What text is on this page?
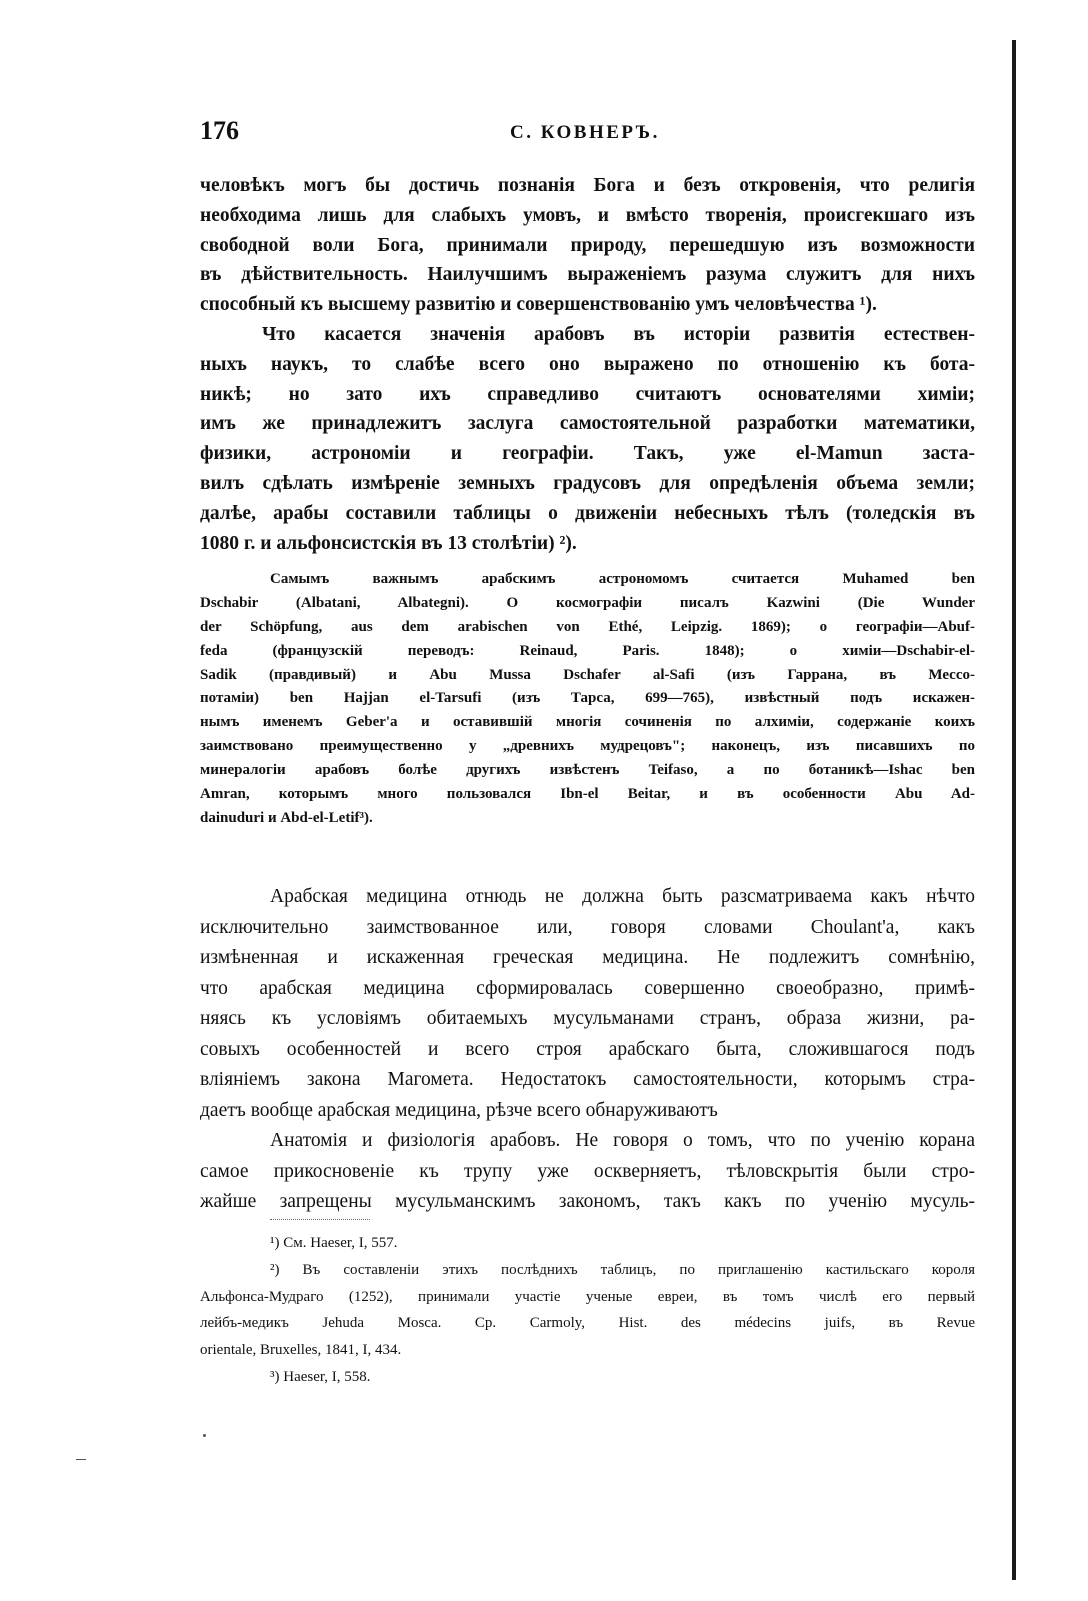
176	С. КОВНЕРЪ.
человѣкъ могъ бы достичь познанія Бога и безъ откровенія, что религія
необходима лишь для слабыхъ умовъ, и вмѣсто творенія, происгекшаго изъ
свободной воли Бога, принимали природу, перешедшую изъ возможности
въ дѣйствительность. Наилучшимъ выраженіемъ разума служитъ для нихъ
способный къ высшему развитію и совершенствованію умъ человѣчества ¹).
Что касается значенія арабовъ въ исторіи развитія естествен-
ныхъ наукъ, то слабѣе всего оно выражено по отношенію къ бота-
никѣ; но зато ихъ справедливо считаютъ основателями химіи;
имъ же принадлежитъ заслуга самостоятельной разработки математики,
физики, астрономіи и географіи. Такъ, уже el-Mamun заста-
вилъ сдѣлать измѣреніе земныхъ градусовъ для опредѣленія объема земли;
далѣе, арабы составили таблицы о движеніи небесныхъ тѣлъ (толедскія въ
1080 г. и альфонсистскія въ 13 столѣтіи) ²).
Самымъ важнымъ арабскимъ астрономомъ считается Muhamed ben
Dschabir (Albatani, Albategni). О космографіи писалъ Kazwini (Die Wunder
der Schöpfung, aus dem arabischen von Ethé, Leipzig. 1869); о географіи—Abuf-
feda (французскій переводъ: Reinaud, Paris. 1848); о химіи—Dschabir-el-
Sadik (правдивый) и Abu Mussa Dschafer al-Safi (изъ Гаррана, въ Мессо-
потаміи) ben Hajjan el-Tarsufi (изъ Тарса, 699—765), извѣстный подъ искажен-
нымъ именемъ Geber'а и оставившій многія сочиненія по алхиміи, содержаніе коихъ
заимствовано преимущественно у „древнихъ мудрецовъ"; наконецъ, изъ писавшихъ по
минералогіи арабовъ болѣе другихъ извѣстенъ Teifaso, а по ботаникѣ—Ishac ben
Amran, которымъ много пользовался Ibn-el Beitar, и въ особенности Abu Ad-
dainuduri и Abd-el-Letif³).
Арабская медицина отнюдь не должна быть разсматриваема какъ нѣчто
исключительно заимствованное или, говоря словами Choulant'а, какъ
измѣненная и искаженная греческая медицина. Не подлежитъ сомнѣнію,
что арабская медицина сформировалась совершенно своеобразно, примѣ-
няясь къ условіямъ обитаемыхъ мусульманами странъ, образа жизни, ра-
совыхъ особенностей и всего строя арабскаго быта, сложившагося подъ
вліяніемъ закона Магомета. Недостатокъ самостоятельности, которымъ стра-
даетъ вообще арабская медицина, рѣзче всего обнаруживаютъ
Анатомія и физіологія арабовъ. Не говоря о томъ, что по ученію корана
самое прикосновеніе къ трупу уже оскверняетъ, тѣловскрытія были стро-
жайше запрещены мусульманскимъ закономъ, такъ какъ по ученію мусуль-
¹) См. Haeser, I, 557.
²) Въ составленіи этихъ послѣднихъ таблицъ, по приглашенію кастильскаго короля
Альфонса-Мудраго (1252), принимали участіе ученые евреи, въ томъ числѣ его первый
лейбъ-медикъ Jehuda Mosca. Ср. Carmoly, Hist. des médecins juifs, въ Revue
orientale, Bruxelles, 1841, I, 434.
³) Haeser, I, 558.
